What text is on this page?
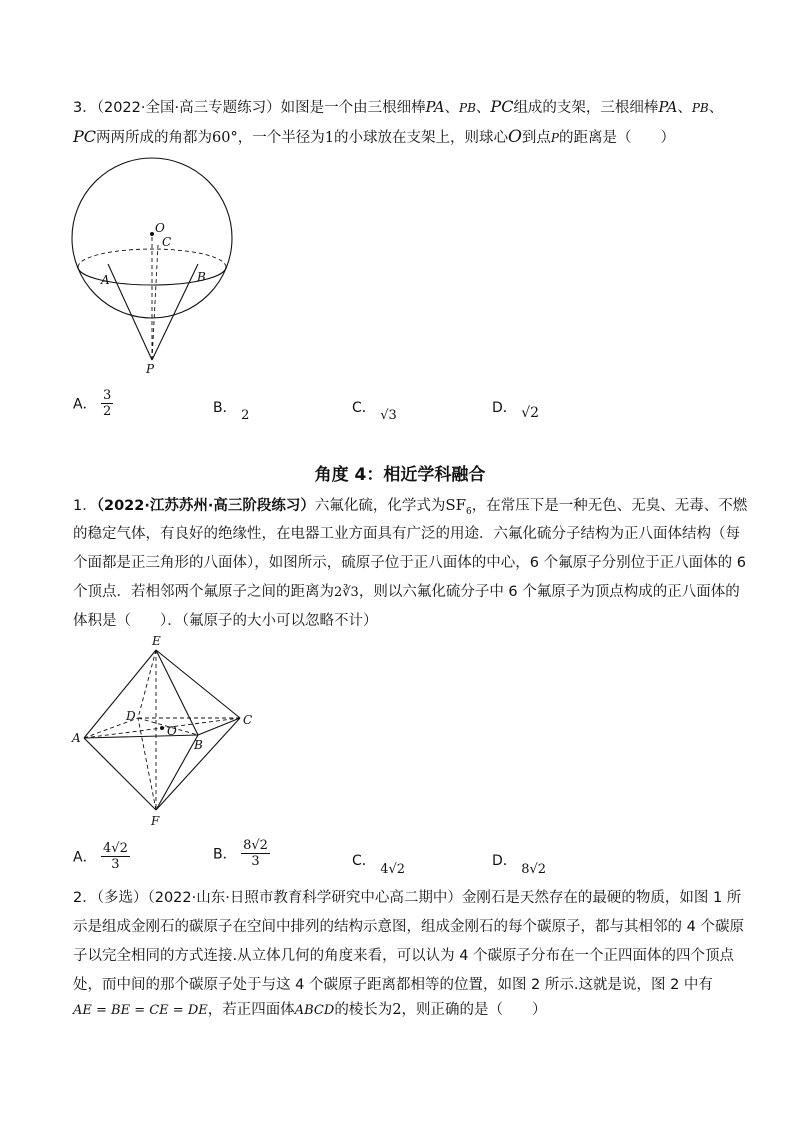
3．（2022·全国·高三专题练习）如图是一个由三根细棒PA、PB、PC组成的支架，三根细棒PA、PB、
PC两两所成的角都为60°，一个半径为1的小球放在支架上，则球心O到点P的距离是（　　）
O
C
A	B
P
A． $\frac{3}{2}$	B． 2	C． √3	D． √2
角度 4：相近学科融合
1．（2022·江苏苏州·高三阶段练习）六氟化硫，化学式为$SF_6$，在常压下是一种无色、无臭、无毒、不燃
的稳定气体，有良好的绝缘性，在电器工业方面具有广泛的用途．六氟化硫分子结构为正八面体结构（每
个面都是正三角形的八面体），如图所示，硫原子位于正八面体的中心，6 个氟原子分别位于正八面体的 6
个顶点．若相邻两个氟原子之间的距离为2∛3，则以六氟化硫分子中 6 个氟原子为顶点构成的正八面体的
体积是（　　）．（氟原子的大小可以忽略不计）
E
D
O
C
A	B
F
A． $\frac{4√2}{3}$	B． $\frac{8√2}{3}$	C． 4√2
D． 8√2
2．（多选）（2022·山东·日照市教育科学研究中心高二期中）金刚石是天然存在的最硬的物质，如图 1 所
示是组成金刚石的碳原子在空间中排列的结构示意图，组成金刚石的每个碳原子，都与其相邻的 4 个碳原
子以完全相同的方式连接.从立体几何的角度来看，可以认为 4 个碳原子分布在一个正四面体的四个顶点
处，而中间的那个碳原子处于与这 4 个碳原子距离都相等的位置，如图 2 所示.这就是说，图 2 中有
AE = BE = CE = DE，若正四面体ABCD的棱长为2，则正确的是（　　）
